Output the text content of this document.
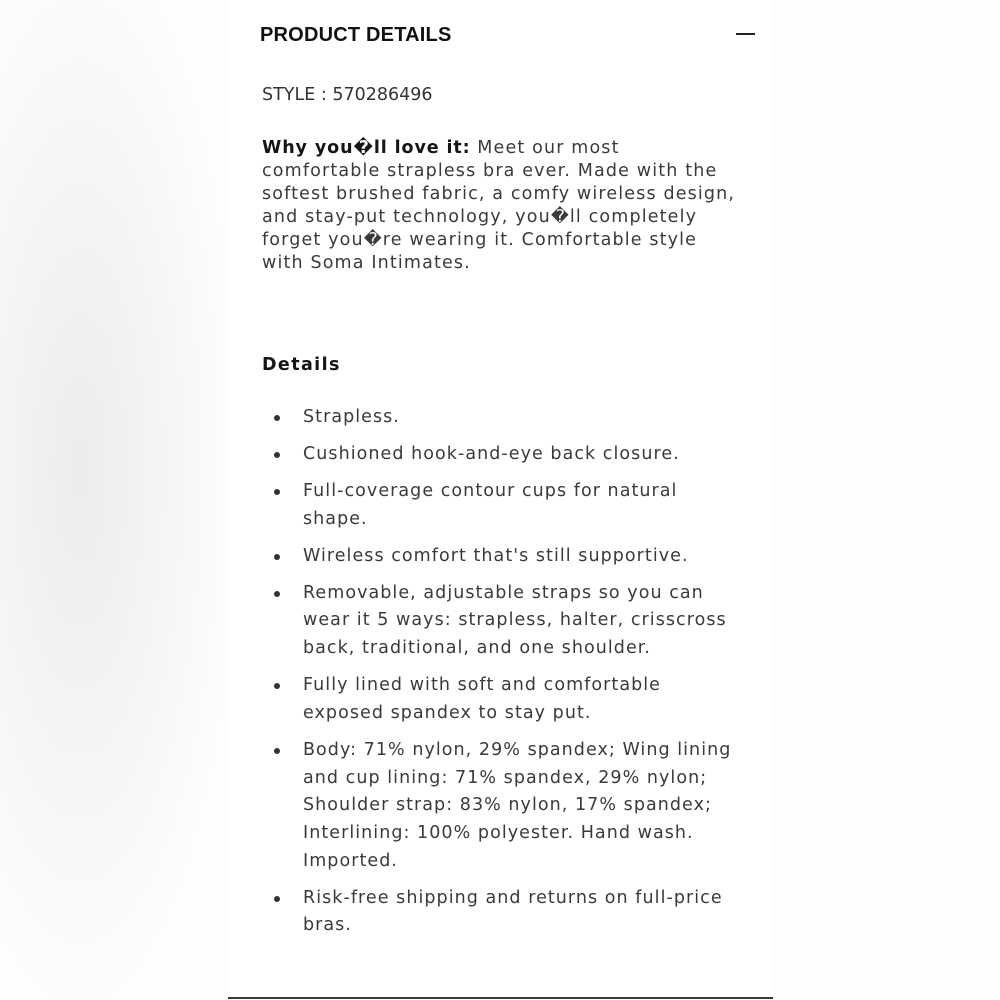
PRODUCT DETAILS
STYLE : 570286496
Why you�ll love it: Meet our most comfortable strapless bra ever. Made with the softest brushed fabric, a comfy wireless design, and stay-put technology, you�ll completely forget you�re wearing it. Comfortable style with Soma Intimates.
Details
Strapless.
Cushioned hook-and-eye back closure.
Full-coverage contour cups for natural shape.
Wireless comfort that's still supportive.
Removable, adjustable straps so you can wear it 5 ways: strapless, halter, crisscross back, traditional, and one shoulder.
Fully lined with soft and comfortable exposed spandex to stay put.
Body: 71% nylon, 29% spandex; Wing lining and cup lining: 71% spandex, 29% nylon; Shoulder strap: 83% nylon, 17% spandex; Interlining: 100% polyester. Hand wash. Imported.
Risk-free shipping and returns on full-price bras.
